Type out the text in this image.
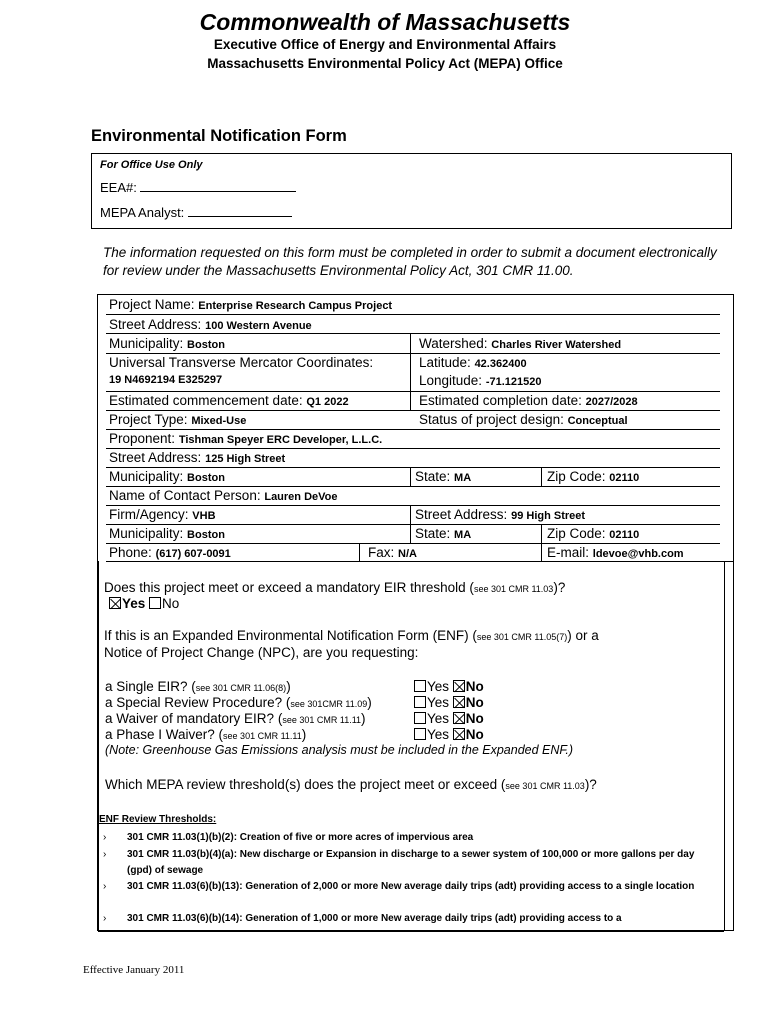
Commonwealth of Massachusetts
Executive Office of Energy and Environmental Affairs
Massachusetts Environmental Policy Act (MEPA) Office
Environmental Notification Form
For Office Use Only
EEA#:
MEPA Analyst:
The information requested on this form must be completed in order to submit a document electronically for review under the Massachusetts Environmental Policy Act, 301 CMR 11.00.
Project Name: Enterprise Research Campus Project
Street Address: 100 Western Avenue
Municipality: Boston	Watershed: Charles River Watershed
Universal Transverse Mercator Coordinates:
19 N4692194 E325297
Latitude: 42.362400
Longitude: -71.121520
Estimated commencement date: Q1 2022	Estimated completion date: 2027/2028
Project Type: Mixed-Use	Status of project design: Conceptual
Proponent: Tishman Speyer ERC Developer, L.L.C.
Street Address: 125 High Street
Municipality: Boston	State: MA	Zip Code: 02110
Name of Contact Person: Lauren DeVoe
Firm/Agency: VHB	Street Address: 99 High Street
Municipality: Boston	State: MA	Zip Code: 02110
Phone: (617) 607-0091	Fax: N/A	E-mail: ldevoe@vhb.com
Does this project meet or exceed a mandatory EIR threshold (see 301 CMR 11.03)?
Yes No
If this is an Expanded Environmental Notification Form (ENF) (see 301 CMR 11.05(7)) or a
Notice of Project Change (NPC), are you requesting:
a Single EIR? (see 301 CMR 11.06(8))	Yes No
a Special Review Procedure? (see 301CMR 11.09)	Yes No
a Waiver of mandatory EIR? (see 301 CMR 11.11)	Yes No
a Phase I Waiver? (see 301 CMR 11.11)	Yes No
(Note: Greenhouse Gas Emissions analysis must be included in the Expanded ENF.)
Which MEPA review threshold(s) does the project meet or exceed (see 301 CMR 11.03)?
ENF Review Thresholds:
› 301 CMR 11.03(1)(b)(2): Creation of five or more acres of impervious area
› 301 CMR 11.03(b)(4)(a): New discharge or Expansion in discharge to a sewer system of 100,000 or more gallons per day (gpd) of sewage
› 301 CMR 11.03(6)(b)(13): Generation of 2,000 or more New average daily trips (adt) providing access to a single location
› 301 CMR 11.03(6)(b)(14): Generation of 1,000 or more New average daily trips (adt) providing access to a
Effective January 2011
